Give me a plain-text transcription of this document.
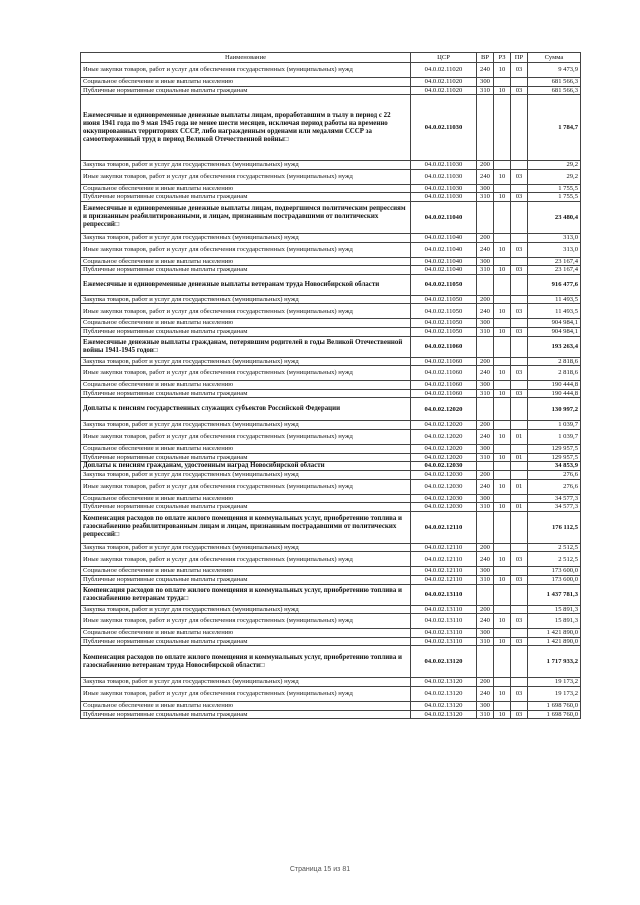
Наименование	ЦСР	ВР	РЗ	ПР	Сумма
Иные закупки товаров, работ и услуг для обеспечения государственных (муниципальных) нужд	04.0.02.11020	240	10	03	9 473,9
Социальное обеспечение и иные выплаты населению	04.0.02.11020	300			681 566,3
Публичные нормативные социальные выплаты гражданам	04.0.02.11020	310	10	03	681 566,3
Ежемесячные и единовременные денежные выплаты лицам, проработавшим в тылу в период с 22 июня 1941 года по 9 мая 1945 года не менее шести месяцев, исключая период работы на временно оккупированных территориях СССР, либо награжденным орденами или медалями СССР за самоотверженный труд в период Великой Отечественной войны□	04.0.02.11030				1 784,7
Закупка товаров, работ и услуг для государственных (муниципальных) нужд	04.0.02.11030	200			29,2
Иные закупки товаров, работ и услуг для обеспечения государственных (муниципальных) нужд	04.0.02.11030	240	10	03	29,2
Социальное обеспечение и иные выплаты населению	04.0.02.11030	300			1 755,5
Публичные нормативные социальные выплаты гражданам	04.0.02.11030	310	10	03	1 755,5
Ежемесячные и единовременные денежные выплаты лицам, подвергшимся политическим репрессиям и признанным реабилитированными, и лицам, признанным пострадавшими от политических репрессий□	04.0.02.11040				23 480,4
Закупка товаров, работ и услуг для государственных (муниципальных) нужд	04.0.02.11040	200			313,0
Иные закупки товаров, работ и услуг для обеспечения государственных (муниципальных) нужд	04.0.02.11040	240	10	03	313,0
Социальное обеспечение и иные выплаты населению	04.0.02.11040	300			23 167,4
Публичные нормативные социальные выплаты гражданам	04.0.02.11040	310	10	03	23 167,4
Ежемесячные и единовременные денежные выплаты ветеранам труда Новосибирской области	04.0.02.11050				916 477,6
Закупка товаров, работ и услуг для государственных (муниципальных) нужд	04.0.02.11050	200			11 493,5
Иные закупки товаров, работ и услуг для обеспечения государственных (муниципальных) нужд	04.0.02.11050	240	10	03	11 493,5
Социальное обеспечение и иные выплаты населению	04.0.02.11050	300			904 984,1
Публичные нормативные социальные выплаты гражданам	04.0.02.11050	310	10	03	904 984,1
Ежемесячные денежные выплаты гражданам, потерявшим родителей в годы Великой Отечественной войны 1941-1945 годов□	04.0.02.11060				193 263,4
Закупка товаров, работ и услуг для государственных (муниципальных) нужд	04.0.02.11060	200			2 818,6
Иные закупки товаров, работ и услуг для обеспечения государственных (муниципальных) нужд	04.0.02.11060	240	10	03	2 818,6
Социальное обеспечение и иные выплаты населению	04.0.02.11060	300			190 444,8
Публичные нормативные социальные выплаты гражданам	04.0.02.11060	310	10	03	190 444,8
Доплаты к пенсиям государственных служащих субъектов Российской Федерации	04.0.02.12020				130 997,2
Закупка товаров, работ и услуг для государственных (муниципальных) нужд	04.0.02.12020	200			1 039,7
Иные закупки товаров, работ и услуг для обеспечения государственных (муниципальных) нужд	04.0.02.12020	240	10	01	1 039,7
Социальное обеспечение и иные выплаты населению	04.0.02.12020	300			129 957,5
Публичные нормативные социальные выплаты гражданам	04.0.02.12020	310	10	01	129 957,5
Доплаты к пенсиям гражданам, удостоенным наград Новосибирской области	04.0.02.12030				34 853,9
Закупка товаров, работ и услуг для государственных (муниципальных) нужд	04.0.02.12030	200			276,6
Иные закупки товаров, работ и услуг для обеспечения государственных (муниципальных) нужд	04.0.02.12030	240	10	01	276,6
Социальное обеспечение и иные выплаты населению	04.0.02.12030	300			34 577,3
Публичные нормативные социальные выплаты гражданам	04.0.02.12030	310	10	01	34 577,3
Компенсация расходов по оплате жилого помещения и коммунальных услуг, приобретению топлива и газоснабжению реабилитированным лицам и лицам, признанным пострадавшими от политических репрессий□	04.0.02.12110				176 112,5
Закупка товаров, работ и услуг для государственных (муниципальных) нужд	04.0.02.12110	200			2 512,5
Иные закупки товаров, работ и услуг для обеспечения государственных (муниципальных) нужд	04.0.02.12110	240	10	03	2 512,5
Социальное обеспечение и иные выплаты населению	04.0.02.12110	300			173 600,0
Публичные нормативные социальные выплаты гражданам	04.0.02.12110	310	10	03	173 600,0
Компенсация расходов по оплате жилого помещения и коммунальных услуг, приобретению топлива и газоснабжению ветеранам труда□	04.0.02.13110				1 437 781,3
Закупка товаров, работ и услуг для государственных (муниципальных) нужд	04.0.02.13110	200			15 891,3
Иные закупки товаров, работ и услуг для обеспечения государственных (муниципальных) нужд	04.0.02.13110	240	10	03	15 891,3
Социальное обеспечение и иные выплаты населению	04.0.02.13110	300			1 421 890,0
Публичные нормативные социальные выплаты гражданам	04.0.02.13110	310	10	03	1 421 890,0
Компенсация расходов по оплате жилого помещения и коммунальных услуг, приобретению топлива и газоснабжению ветеранам труда Новосибирской области□	04.0.02.13120				1 717 933,2
Закупка товаров, работ и услуг для государственных (муниципальных) нужд	04.0.02.13120	200			19 173,2
Иные закупки товаров, работ и услуг для обеспечения государственных (муниципальных) нужд	04.0.02.13120	240	10	03	19 173,2
Социальное обеспечение и иные выплаты населению	04.0.02.13120	300			1 698 760,0
Публичные нормативные социальные выплаты гражданам	04.0.02.13120	310	10	03	1 698 760,0
Страница 15 из 81
